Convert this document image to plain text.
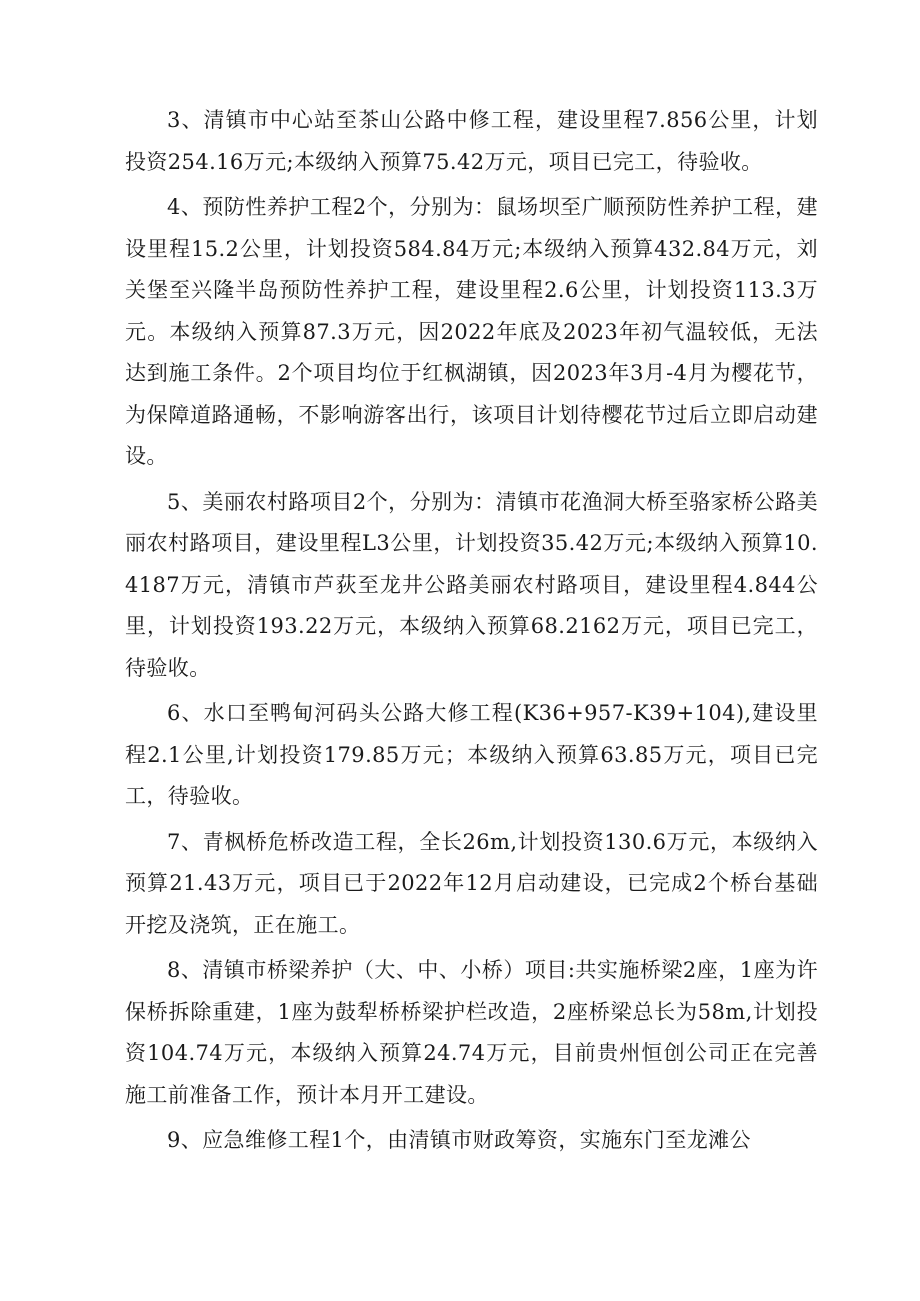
3、清镇市中心站至茶山公路中修工程，建设里程7.856公里，计划投资254.16万元;本级纳入预算75.42万元，项目已完工，待验收。

4、预防性养护工程2个，分别为：鼠场坝至广顺预防性养护工程，建设里程15.2公里，计划投资584.84万元;本级纳入预算432.84万元，刘关堡至兴隆半岛预防性养护工程，建设里程2.6公里，计划投资113.3万元。本级纳入预算87.3万元，因2022年底及2023年初气温较低，无法达到施工条件。2个项目均位于红枫湖镇，因2023年3月-4月为樱花节，为保障道路通畅，不影响游客出行，该项目计划待樱花节过后立即启动建设。

5、美丽农村路项目2个，分别为：清镇市花渔洞大桥至骆家桥公路美丽农村路项目，建设里程L3公里，计划投资35.42万元;本级纳入预算10.4187万元，清镇市芦荻至龙井公路美丽农村路项目，建设里程4.844公里，计划投资193.22万元，本级纳入预算68.2162万元，项目已完工，待验收。

6、水口至鸭甸河码头公路大修工程(K36+957-K39+104),建设里程2.1公里,计划投资179.85万元；本级纳入预算63.85万元，项目已完工，待验收。

7、青枫桥危桥改造工程，全长26m,计划投资130.6万元，本级纳入预算21.43万元，项目已于2022年12月启动建设，已完成2个桥台基础开挖及浇筑，正在施工。

8、清镇市桥梁养护（大、中、小桥）项目:共实施桥梁2座，1座为许保桥拆除重建，1座为鼓犁桥桥梁护栏改造，2座桥梁总长为58m,计划投资104.74万元，本级纳入预算24.74万元，目前贵州恒创公司正在完善施工前准备工作，预计本月开工建设。

9、应急维修工程1个，由清镇市财政筹资，实施东门至龙滩公
